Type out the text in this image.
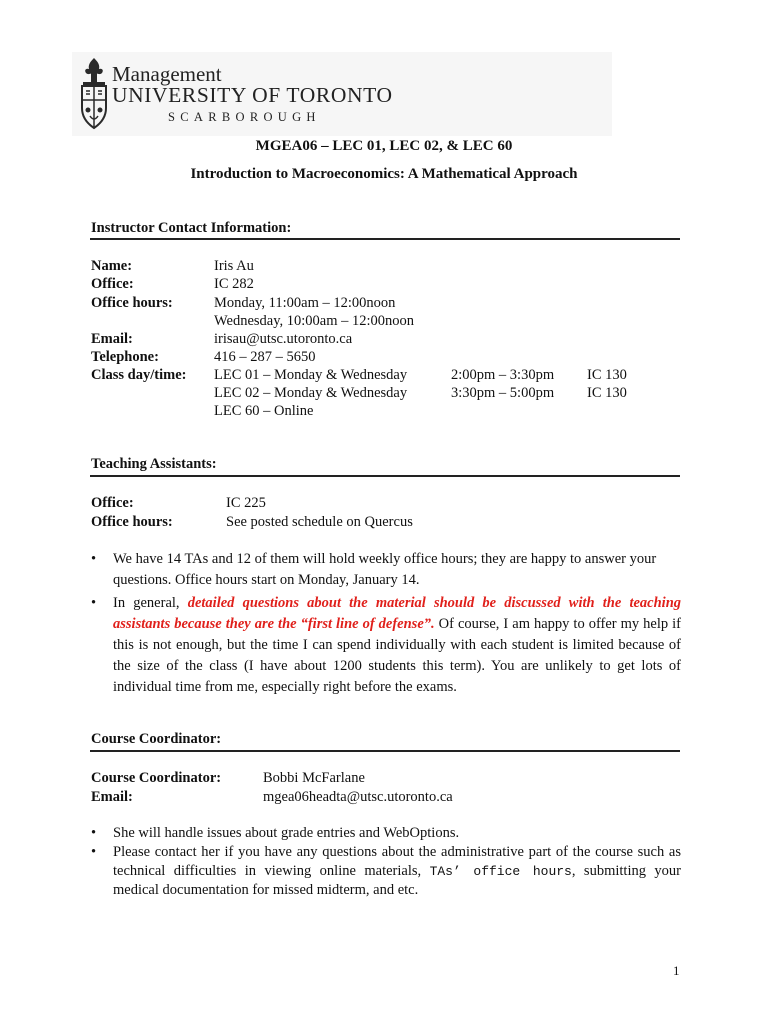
Management
UNIVERSITY OF TORONTO
SCARBOROUGH
MGEA06 – LEC 01, LEC 02, & LEC 60
Introduction to Macroeconomics: A Mathematical Approach
Instructor Contact Information:
Name:	Iris Au
Office:	IC 282
Office hours:	Monday, 11:00am – 12:00noon
Wednesday, 10:00am – 12:00noon
Email:	irisau@utsc.utoronto.ca
Telephone:	416 – 287 – 5650
Class day/time: LEC 01 – Monday & Wednesday	2:00pm – 3:30pm IC 130
LEC 02 – Monday & Wednesday	3:30pm – 5:00pm IC 130
LEC 60 – Online
Teaching Assistants:
Office:	IC 225
Office hours:	See posted schedule on Quercus
• We have 14 TAs and 12 of them will hold weekly office hours; they are happy to answer your
questions. Office hours start on Monday, January 14.
• In general, detailed questions about the material should be discussed with the teaching assistants because they are the “first line of defense”. Of course, I am happy to offer my help if this is not enough, but the time I can spend individually with each student is limited because of the size of the class (I have about 1200 students this term). You are unlikely to get lots of individual time from me, especially right before the exams.
Course Coordinator:
Course Coordinator:	Bobbi McFarlane
Email:	mgea06headta@utsc.utoronto.ca
• She will handle issues about grade entries and WebOptions.
• Please contact her if you have any questions about the administrative part of the course such as technical difficulties in viewing online materials, TAs’ office hours, submitting your medical documentation for missed midterm, and etc.
1
